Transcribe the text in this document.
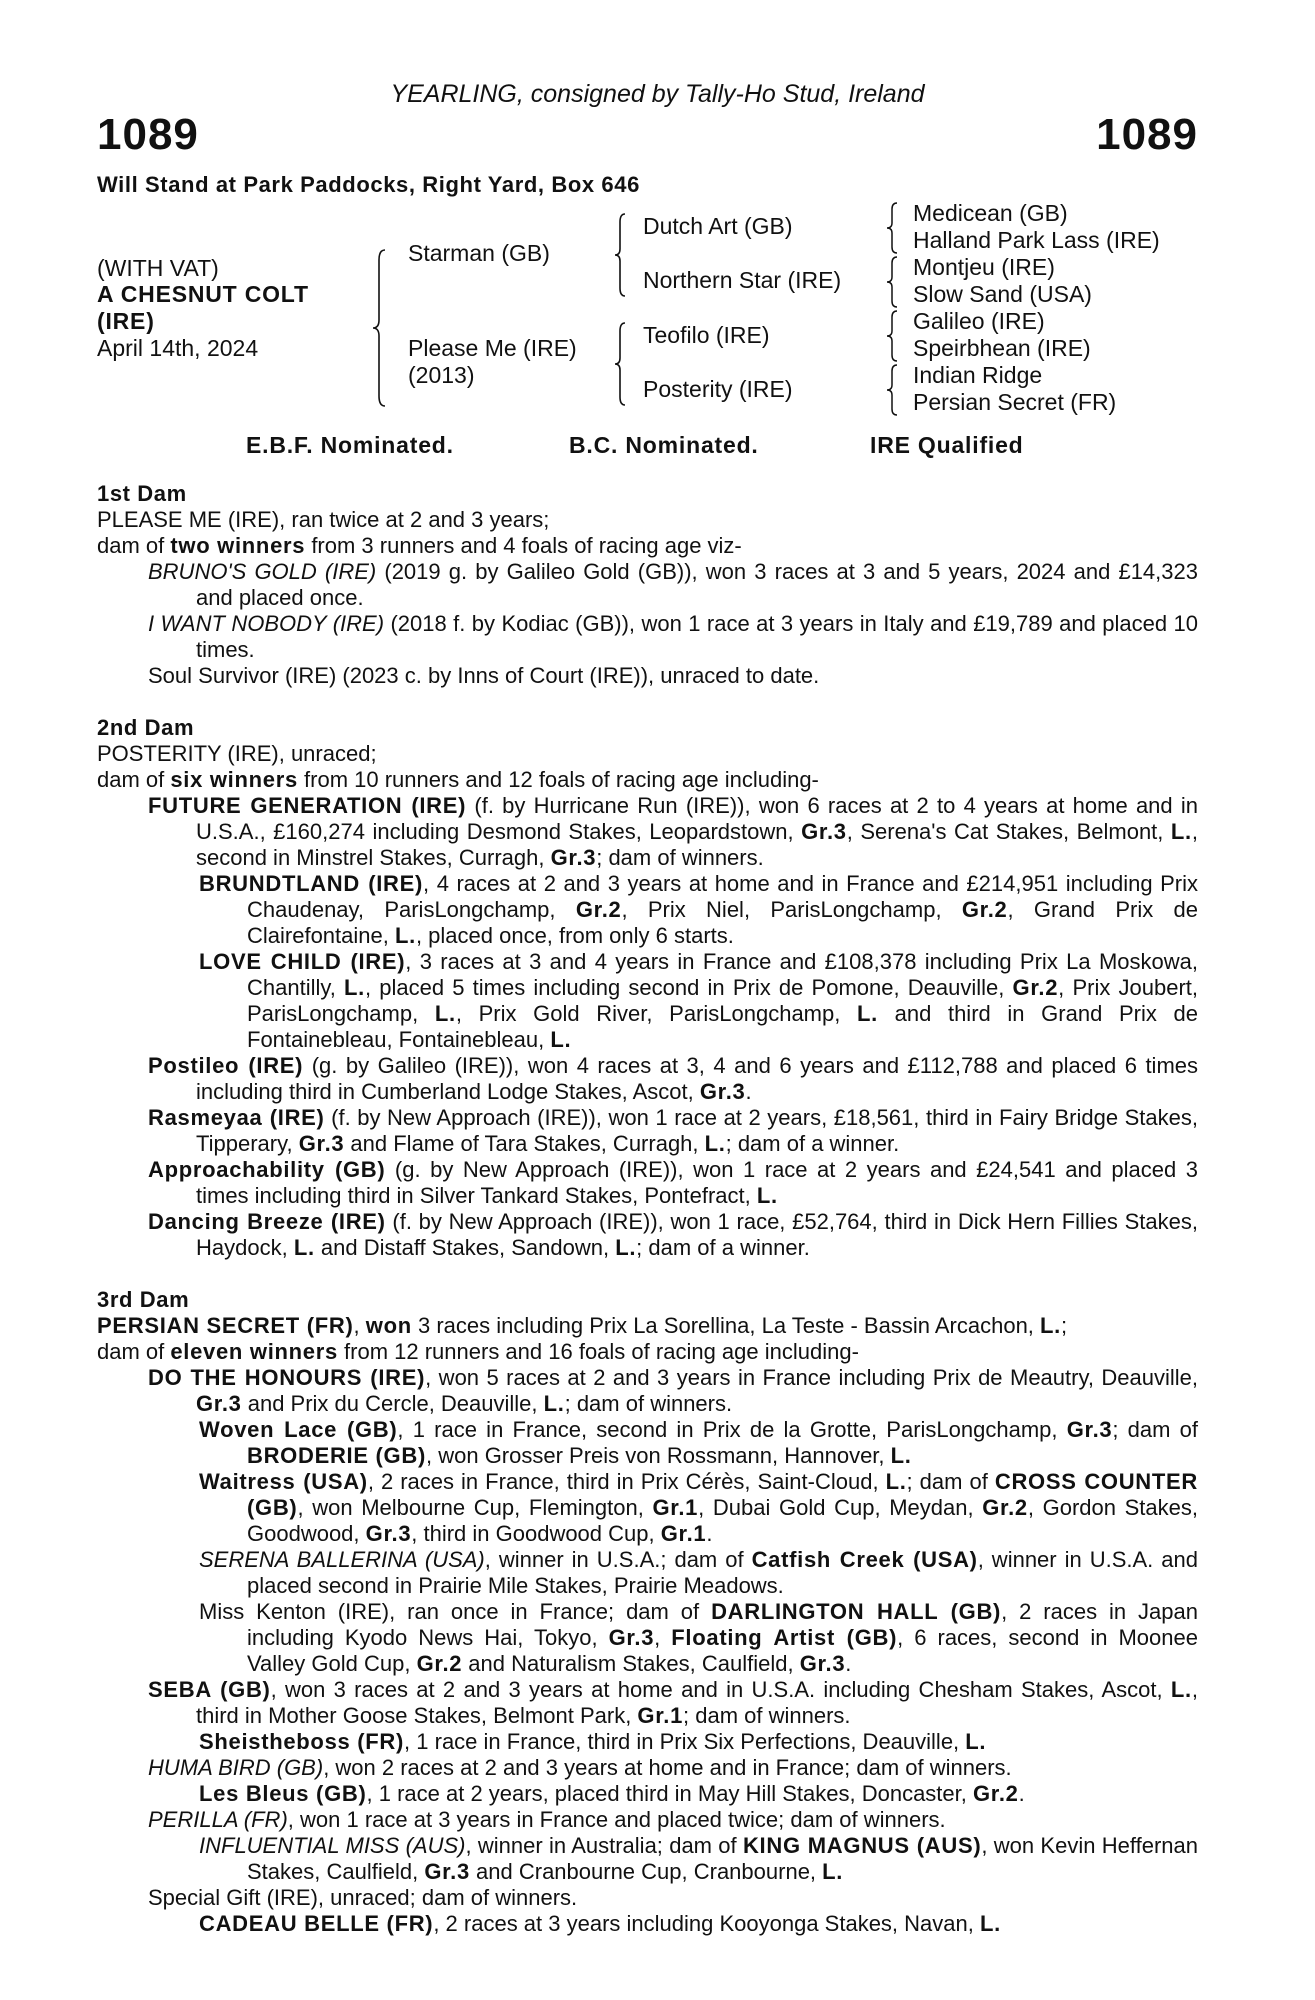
YEARLING, consigned by Tally-Ho Stud, Ireland
1089	1089
Will Stand at Park Paddocks, Right Yard, Box 646
(WITH VAT)
A CHESNUT COLT
(IRE)
April 14th, 2024
Starman (GB)
Please Me (IRE)
(2013)
Dutch Art (GB)
Northern Star (IRE)
Teofilo (IRE)
Posterity (IRE)
Medicean (GB)
Halland Park Lass (IRE)
Montjeu (IRE)
Slow Sand (USA)
Galileo (IRE)
Speirbhean (IRE)
Indian Ridge
Persian Secret (FR)
E.B.F. Nominated.	B.C. Nominated.	IRE Qualified
1st Dam
PLEASE ME (IRE), ran twice at 2 and 3 years;
dam of two winners from 3 runners and 4 foals of racing age viz-
BRUNO'S GOLD (IRE) (2019 g. by Galileo Gold (GB)), won 3 races at 3 and 5 years, 2024 and £14,323 and placed once.
I WANT NOBODY (IRE) (2018 f. by Kodiac (GB)), won 1 race at 3 years in Italy and £19,789 and placed 10 times.
Soul Survivor (IRE) (2023 c. by Inns of Court (IRE)), unraced to date.
2nd Dam
POSTERITY (IRE), unraced;
dam of six winners from 10 runners and 12 foals of racing age including-
FUTURE GENERATION (IRE) (f. by Hurricane Run (IRE)), won 6 races at 2 to 4 years at home and in U.S.A., £160,274 including Desmond Stakes, Leopardstown, Gr.3, Serena's Cat Stakes, Belmont, L., second in Minstrel Stakes, Curragh, Gr.3; dam of winners.
BRUNDTLAND (IRE), 4 races at 2 and 3 years at home and in France and £214,951 including Prix Chaudenay, ParisLongchamp, Gr.2, Prix Niel, ParisLongchamp, Gr.2, Grand Prix de Clairefontaine, L., placed once, from only 6 starts.
LOVE CHILD (IRE), 3 races at 3 and 4 years in France and £108,378 including Prix La Moskowa, Chantilly, L., placed 5 times including second in Prix de Pomone, Deauville, Gr.2, Prix Joubert, ParisLongchamp, L., Prix Gold River, ParisLongchamp, L. and third in Grand Prix de Fontainebleau, Fontainebleau, L.
Postileo (IRE) (g. by Galileo (IRE)), won 4 races at 3, 4 and 6 years and £112,788 and placed 6 times including third in Cumberland Lodge Stakes, Ascot, Gr.3.
Rasmeyaa (IRE) (f. by New Approach (IRE)), won 1 race at 2 years, £18,561, third in Fairy Bridge Stakes, Tipperary, Gr.3 and Flame of Tara Stakes, Curragh, L.; dam of a winner.
Approachability (GB) (g. by New Approach (IRE)), won 1 race at 2 years and £24,541 and placed 3 times including third in Silver Tankard Stakes, Pontefract, L.
Dancing Breeze (IRE) (f. by New Approach (IRE)), won 1 race, £52,764, third in Dick Hern Fillies Stakes, Haydock, L. and Distaff Stakes, Sandown, L.; dam of a winner.
3rd Dam
PERSIAN SECRET (FR), won 3 races including Prix La Sorellina, La Teste - Bassin Arcachon, L.;
dam of eleven winners from 12 runners and 16 foals of racing age including-
DO THE HONOURS (IRE), won 5 races at 2 and 3 years in France including Prix de Meautry, Deauville, Gr.3 and Prix du Cercle, Deauville, L.; dam of winners.
Woven Lace (GB), 1 race in France, second in Prix de la Grotte, ParisLongchamp, Gr.3; dam of BRODERIE (GB), won Grosser Preis von Rossmann, Hannover, L.
Waitress (USA), 2 races in France, third in Prix Cérès, Saint-Cloud, L.; dam of CROSS COUNTER (GB), won Melbourne Cup, Flemington, Gr.1, Dubai Gold Cup, Meydan, Gr.2, Gordon Stakes, Goodwood, Gr.3, third in Goodwood Cup, Gr.1.
SERENA BALLERINA (USA), winner in U.S.A.; dam of Catfish Creek (USA), winner in U.S.A. and placed second in Prairie Mile Stakes, Prairie Meadows.
Miss Kenton (IRE), ran once in France; dam of DARLINGTON HALL (GB), 2 races in Japan including Kyodo News Hai, Tokyo, Gr.3, Floating Artist (GB), 6 races, second in Moonee Valley Gold Cup, Gr.2 and Naturalism Stakes, Caulfield, Gr.3.
SEBA (GB), won 3 races at 2 and 3 years at home and in U.S.A. including Chesham Stakes, Ascot, L., third in Mother Goose Stakes, Belmont Park, Gr.1; dam of winners.
Sheistheboss (FR), 1 race in France, third in Prix Six Perfections, Deauville, L.
HUMA BIRD (GB), won 2 races at 2 and 3 years at home and in France; dam of winners.
Les Bleus (GB), 1 race at 2 years, placed third in May Hill Stakes, Doncaster, Gr.2.
PERILLA (FR), won 1 race at 3 years in France and placed twice; dam of winners.
INFLUENTIAL MISS (AUS), winner in Australia; dam of KING MAGNUS (AUS), won Kevin Heffernan Stakes, Caulfield, Gr.3 and Cranbourne Cup, Cranbourne, L.
Special Gift (IRE), unraced; dam of winners.
CADEAU BELLE (FR), 2 races at 3 years including Kooyonga Stakes, Navan, L.
